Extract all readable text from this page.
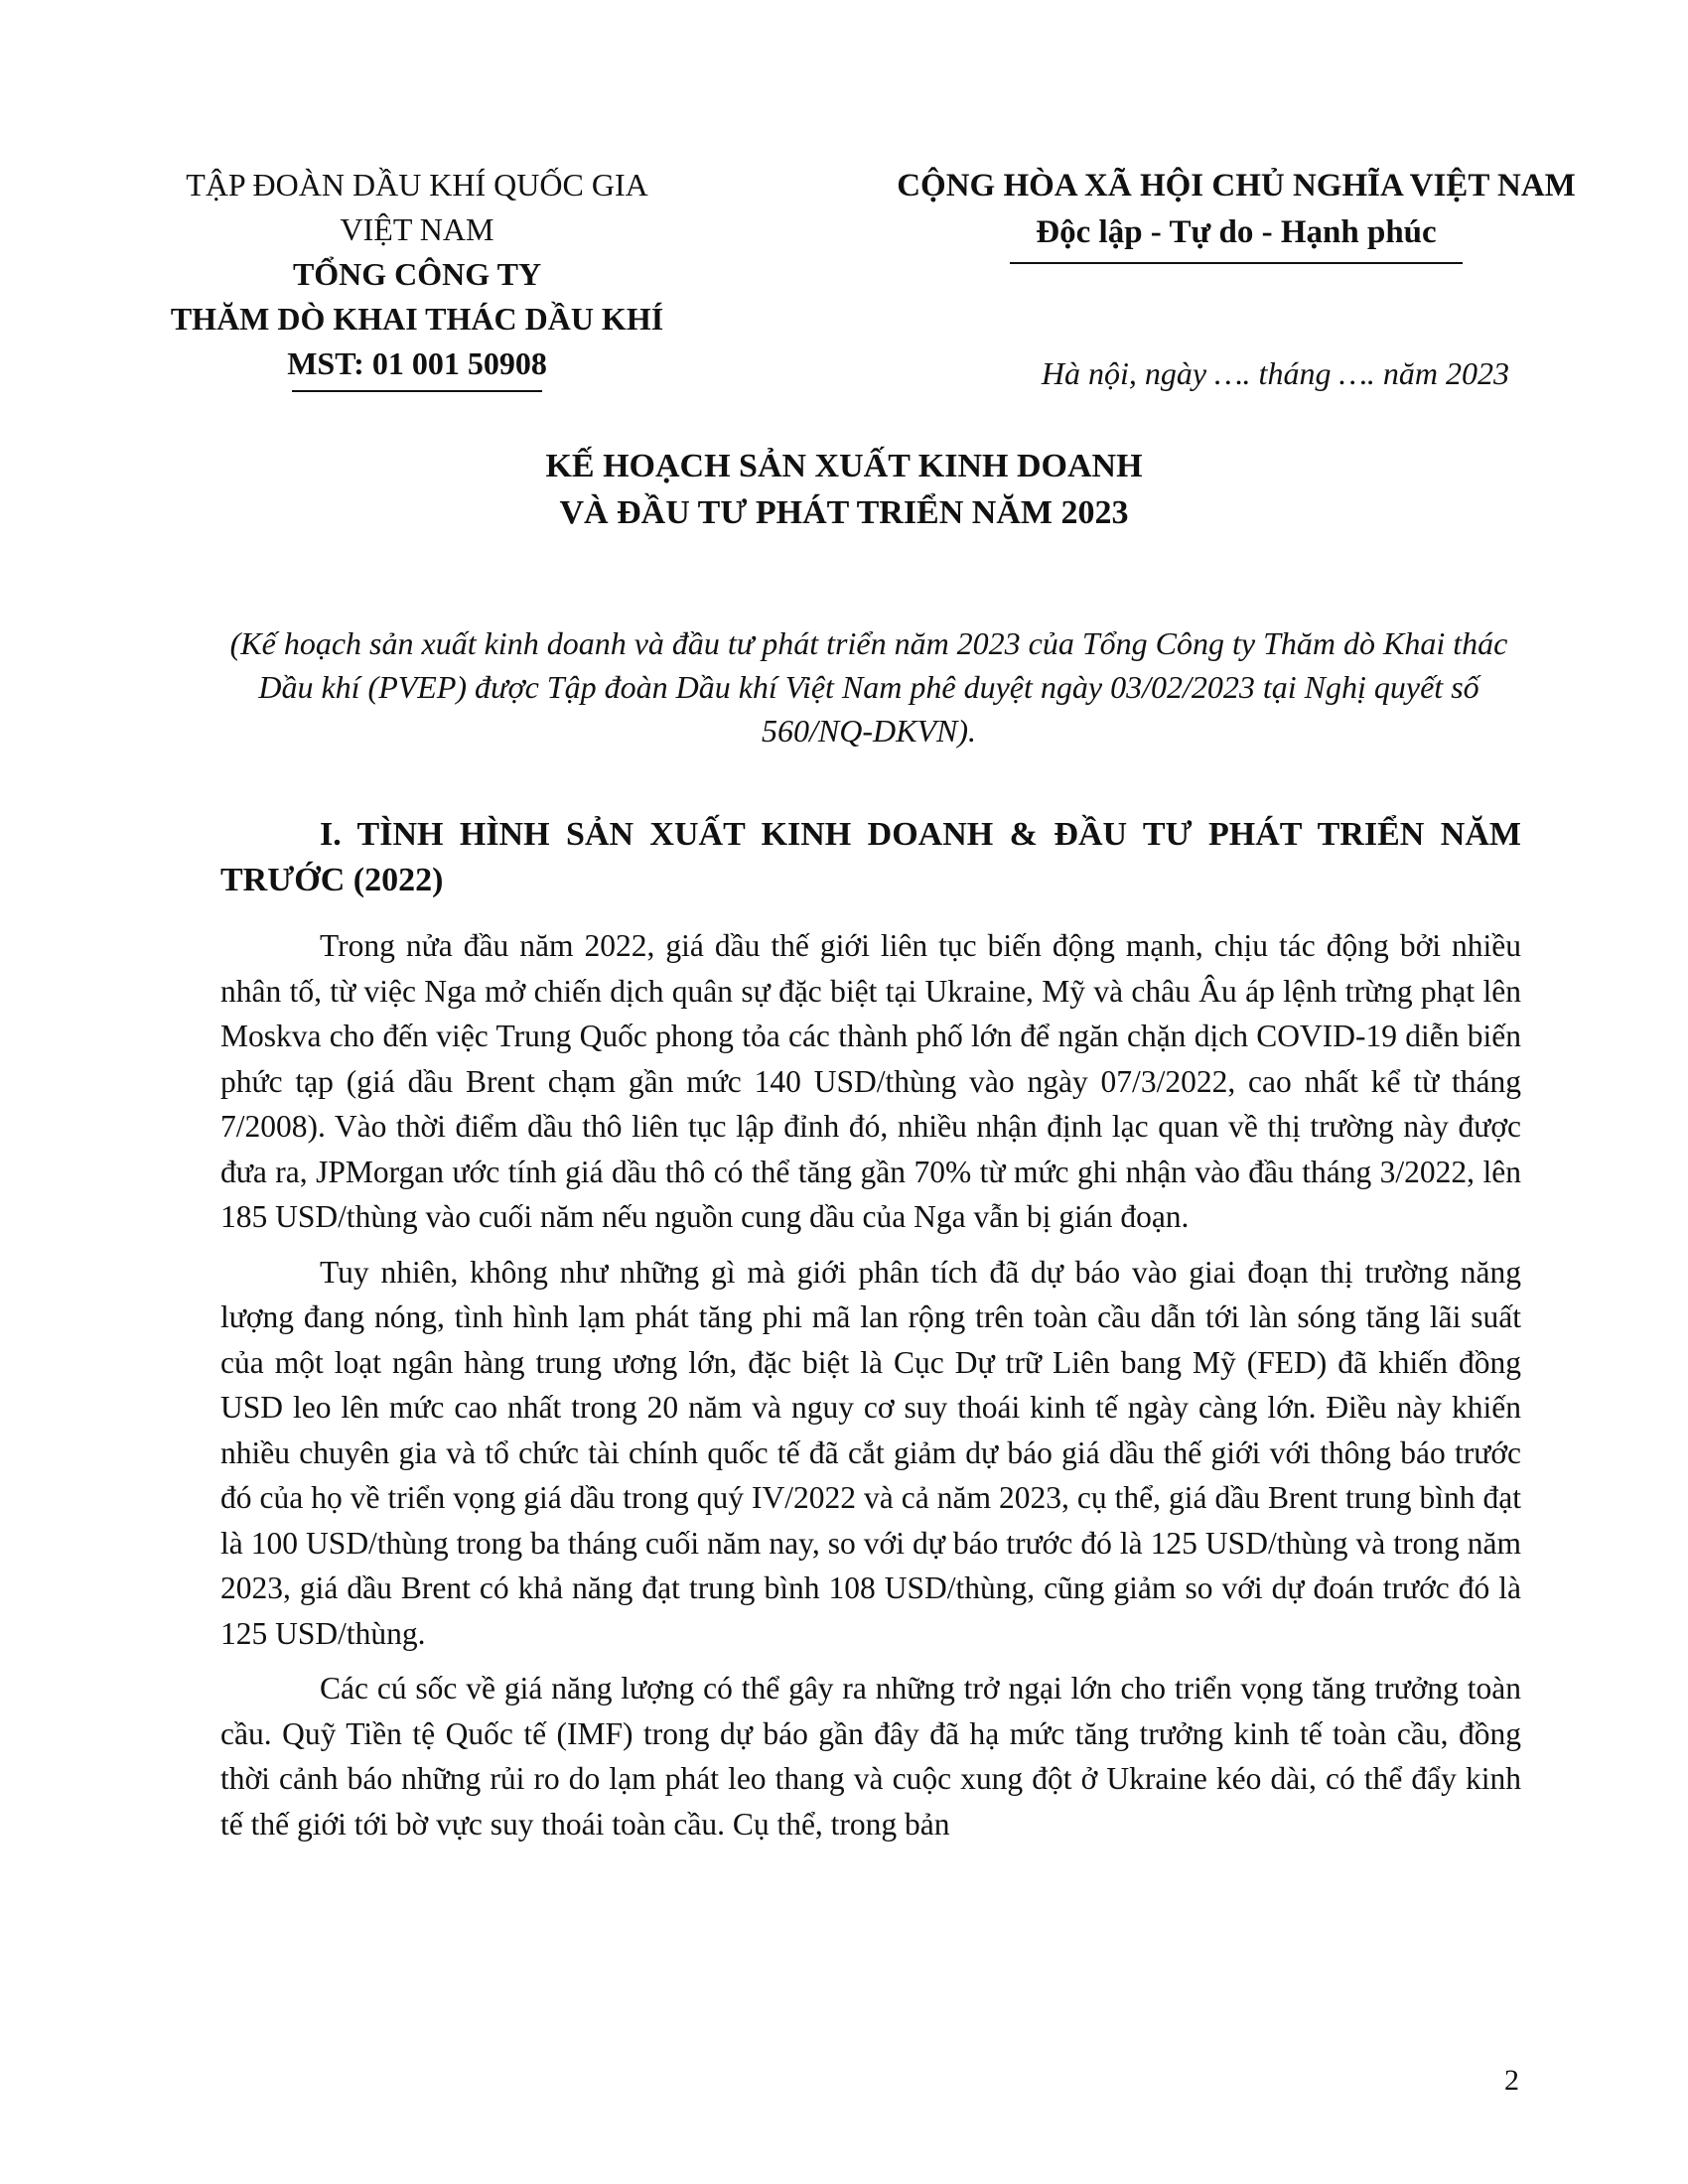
TẬP ĐOÀN DẦU KHÍ QUỐC GIA VIỆT NAM
TỔNG CÔNG TY
THĂM DÒ KHAI THÁC DẦU KHÍ
MST: 01 001 50908
CỘNG HÒA XÃ HỘI CHỦ NGHĨA VIỆT NAM
Độc lập - Tự do - Hạnh phúc
Hà nội, ngày …. tháng …. năm 2023
KẾ HOẠCH SẢN XUẤT KINH DOANH
VÀ ĐẦU TƯ PHÁT TRIỂN NĂM 2023
(Kế hoạch sản xuất kinh doanh và đầu tư phát triển năm 2023 của Tổng Công ty Thăm dò Khai thác Dầu khí (PVEP) được Tập đoàn Dầu khí Việt Nam phê duyệt ngày 03/02/2023 tại Nghị quyết số 560/NQ-DKVN).
I. TÌNH HÌNH SẢN XUẤT KINH DOANH & ĐẦU TƯ PHÁT TRIỂN NĂM TRƯỚC (2022)

Trong nửa đầu năm 2022, giá dầu thế giới liên tục biến động mạnh, chịu tác động bởi nhiều nhân tố, từ việc Nga mở chiến dịch quân sự đặc biệt tại Ukraine, Mỹ và châu Âu áp lệnh trừng phạt lên Moskva cho đến việc Trung Quốc phong tỏa các thành phố lớn để ngăn chặn dịch COVID-19 diễn biến phức tạp (giá dầu Brent chạm gần mức 140 USD/thùng vào ngày 07/3/2022, cao nhất kể từ tháng 7/2008). Vào thời điểm dầu thô liên tục lập đỉnh đó, nhiều nhận định lạc quan về thị trường này được đưa ra, JPMorgan ước tính giá dầu thô có thể tăng gần 70% từ mức ghi nhận vào đầu tháng 3/2022, lên 185 USD/thùng vào cuối năm nếu nguồn cung dầu của Nga vẫn bị gián đoạn.

Tuy nhiên, không như những gì mà giới phân tích đã dự báo vào giai đoạn thị trường năng lượng đang nóng, tình hình lạm phát tăng phi mã lan rộng trên toàn cầu dẫn tới làn sóng tăng lãi suất của một loạt ngân hàng trung ương lớn, đặc biệt là Cục Dự trữ Liên bang Mỹ (FED) đã khiến đồng USD leo lên mức cao nhất trong 20 năm và nguy cơ suy thoái kinh tế ngày càng lớn. Điều này khiến nhiều chuyên gia và tổ chức tài chính quốc tế đã cắt giảm dự báo giá dầu thế giới với thông báo trước đó của họ về triển vọng giá dầu trong quý IV/2022 và cả năm 2023, cụ thể, giá dầu Brent trung bình đạt là 100 USD/thùng trong ba tháng cuối năm nay, so với dự báo trước đó là 125 USD/thùng và trong năm 2023, giá dầu Brent có khả năng đạt trung bình 108 USD/thùng, cũng giảm so với dự đoán trước đó là 125 USD/thùng.

Các cú sốc về giá năng lượng có thể gây ra những trở ngại lớn cho triển vọng tăng trưởng toàn cầu. Quỹ Tiền tệ Quốc tế (IMF) trong dự báo gần đây đã hạ mức tăng trưởng kinh tế toàn cầu, đồng thời cảnh báo những rủi ro do lạm phát leo thang và cuộc xung đột ở Ukraine kéo dài, có thể đẩy kinh tế thế giới tới bờ vực suy thoái toàn cầu. Cụ thể, trong bản

2
